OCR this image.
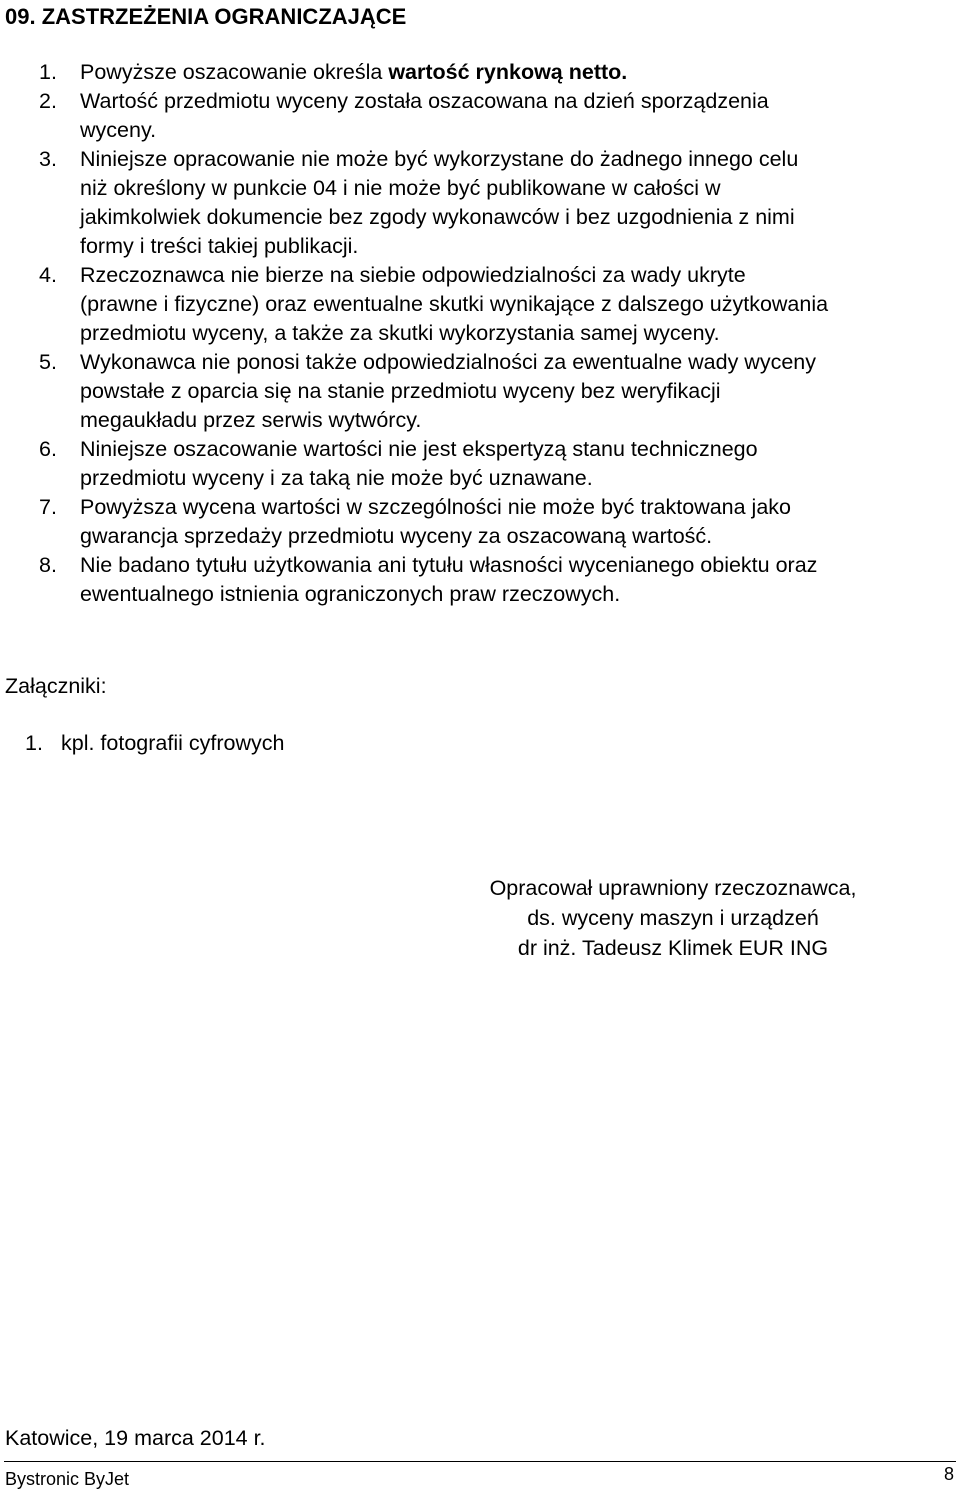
09. ZASTRZEŻENIA OGRANICZAJĄCE
1. Powyższe oszacowanie określa wartość rynkową netto.
2. Wartość przedmiotu wyceny została oszacowana na dzień sporządzenia
wyceny.
3. Niniejsze opracowanie nie może być wykorzystane do żadnego innego celu
niż określony w punkcie 04 i nie może być publikowane w całości w
jakimkolwiek dokumencie bez zgody wykonawców i bez uzgodnienia z nimi
formy i treści takiej publikacji.
4. Rzeczoznawca nie bierze na siebie odpowiedzialności za wady ukryte
(prawne i fizyczne) oraz ewentualne skutki wynikające z dalszego użytkowania
przedmiotu wyceny, a także za skutki wykorzystania samej wyceny.
5. Wykonawca nie ponosi także odpowiedzialności za ewentualne wady wyceny
powstałe z oparcia się na stanie przedmiotu wyceny bez weryfikacji
megaukładu przez serwis wytwórcy.
6. Niniejsze oszacowanie wartości nie jest ekspertyzą stanu technicznego
przedmiotu wyceny i za taką nie może być uznawane.
7. Powyższa wycena wartości w szczególności nie może być traktowana jako
gwarancja sprzedaży przedmiotu wyceny za oszacowaną wartość.
8. Nie badano tytułu użytkowania ani tytułu własności wycenianego obiektu oraz
ewentualnego istnienia ograniczonych praw rzeczowych.
Załączniki:
1. kpl. fotografii cyfrowych
Opracował uprawniony rzeczoznawca,
ds. wyceny maszyn i urządzeń
dr inż. Tadeusz Klimek EUR ING
Katowice, 19 marca 2014 r.
Bystronic ByJet	8
